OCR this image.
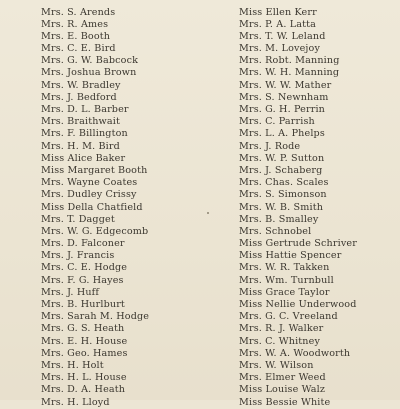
Mrs. S. Arends
Mrs. R. Ames
Mrs. E. Booth
Mrs. C. E. Bird
Mrs. G. W. Babcock
Mrs. Joshua Brown
Mrs. W. Bradley
Mrs. J. Bedford
Mrs. D. L. Barber
Mrs. Braithwait
Mrs. F. Billington
Mrs. H. M. Bird
Miss Alice Baker
Miss Margaret Booth
Mrs. Wayne Coates
Mrs. Dudley Crissy
Miss Della Chatfield
Mrs. T. Dagget
Mrs. W. G. Edgecomb
Mrs. D. Falconer
Mrs. J. Francis
Mrs. C. E. Hodge
Mrs. F. G. Hayes
Mrs. J. Huff
Mrs. B. Hurlburt
Mrs. Sarah M. Hodge
Mrs. G. S. Heath
Mrs. E. H. House
Mrs. Geo. Hames
Mrs. H. Holt
Mrs. H. L. House
Mrs. D. A. Heath
Mrs. H. Lloyd
Miss Ellen Kerr
Mrs. P. A. Latta
Mrs. T. W. Leland
Mrs. M. Lovejoy
Mrs. Robt. Manning
Mrs. W. H. Manning
Mrs. W. W. Mather
Mrs. S. Newnham
Mrs. G. H. Perrin
Mrs. C. Parrish
Mrs. L. A. Phelps
Mrs. J. Rode
Mrs. W. P. Sutton
Mrs. J. Schaberg
Mrs. Chas. Scales
Mrs. S. Simonson
Mrs. W. B. Smith
Mrs. B. Smalley
Mrs. Schnobel
Miss Gertrude Schriver
Miss Hattie Spencer
Mrs. W. R. Takken
Mrs. Wm. Turnbull
Miss Grace Taylor
Miss Nellie Underwood
Mrs. G. C. Vreeland
Mrs. R. J. Walker
Mrs. C. Whitney
Mrs. W. A. Woodworth
Mrs. W. Wilson
Mrs. Elmer Weed
Miss Louise Walz
Miss Bessie White
